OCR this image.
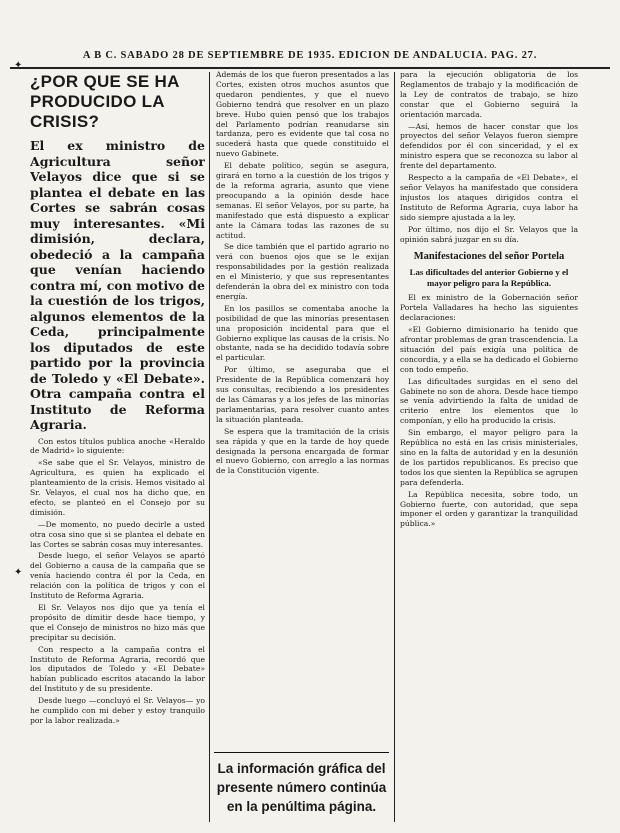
A B C. SABADO 28 DE SEPTIEMBRE DE 1935. EDICION DE ANDALUCIA. PAG. 27.
✦
✦
¿POR QUE SE HA PRODUCIDO LA CRISIS?

El ex ministro de Agricultura señor Velayos dice que si se plantea el debate en las Cortes se sabrán cosas muy interesantes. «Mi dimisión, declara, obedeció a la campaña que venían haciendo contra mí, con motivo de la cuestión de los trigos, algunos elementos de la Ceda, principalmente los diputados de este partido por la provincia de Toledo y «El Debate». Otra campaña contra el Instituto de Reforma Agraria.

Con estos títulos publica anoche «Heraldo de Madrid» lo siguiente:

«Se sabe que el Sr. Velayos, ministro de Agricultura, es quien ha explicado el planteamiento de la crisis. Hemos visitado al Sr. Velayos, el cual nos ha dicho que, en efecto, se planteó en el Consejo por su dimisión.

—De momento, no puedo decirle a usted otra cosa sino que si se plantea el debate en las Cortes se sabrán cosas muy interesantes.

Desde luego, el señor Velayos se apartó del Gobierno a causa de la campaña que se venía haciendo contra él por la Ceda, en relación con la política de trigos y con el Instituto de Reforma Agraria.

El Sr. Velayos nos dijo que ya tenía el propósito de dimitir desde hace tiempo, y que el Consejo de ministros no hizo más que precipitar su decisión.

Con respecto a la campaña contra el Instituto de Reforma Agraria, recordó que los diputados de Toledo y «El Debate» habían publicado escritos atacando la labor del Instituto y de su presidente.

Desde luego —concluyó el Sr. Velayos— yo he cumplido con mi deber y estoy tranquilo por la labor realizada.»

Además de los que fueron presentados a las Cortes, existen otros muchos asuntos que quedaron pendientes, y que el nuevo Gobierno tendrá que resolver en un plazo breve. Hubo quien pensó que los trabajos del Parlamento podrían reanudarse sin tardanza, pero es evidente que tal cosa no sucederá hasta que quede constituido el nuevo Gabinete.

El debate político, según se asegura, girará en torno a la cuestión de los trigos y de la reforma agraria, asunto que viene preocupando a la opinión desde hace semanas. El señor Velayos, por su parte, ha manifestado que está dispuesto a explicar ante la Cámara todas las razones de su actitud.

Se dice también que el partido agrario no verá con buenos ojos que se le exijan responsabilidades por la gestión realizada en el Ministerio, y que sus representantes defenderán la obra del ex ministro con toda energía.

En los pasillos se comentaba anoche la posibilidad de que las minorías presentasen una proposición incidental para que el Gobierno explique las causas de la crisis. No obstante, nada se ha decidido todavía sobre el particular.

Por último, se aseguraba que el Presidente de la República comenzará hoy sus consultas, recibiendo a los presidentes de las Cámaras y a los jefes de las minorías parlamentarias, para resolver cuanto antes la situación planteada.

Se espera que la tramitación de la crisis sea rápida y que en la tarde de hoy quede designada la persona encargada de formar el nuevo Gobierno, con arreglo a las normas de la Constitución vigente.

La información gráfica del presente número continúa en la penúltima página.

para la ejecución obligatoria de los Reglamentos de trabajo y la modificación de la Ley de contratos de trabajo, se hizo constar que el Gobierno seguirá la orientación marcada.

—Así, hemos de hacer constar que los proyectos del señor Velayos fueron siempre defendidos por él con sinceridad, y el ex ministro espera que se reconozca su labor al frente del departamento.

Respecto a la campaña de «El Debate», el señor Velayos ha manifestado que considera injustos los ataques dirigidos contra el Instituto de Reforma Agraria, cuya labor ha sido siempre ajustada a la ley.

Por último, nos dijo el Sr. Velayos que la opinión sabrá juzgar en su día.

Manifestaciones del señor Portela
Las dificultades del anterior Gobierno y el mayor peligro para la República.

El ex ministro de la Gobernación señor Portela Valladares ha hecho las siguientes declaraciones:

«El Gobierno dimisionario ha tenido que afrontar problemas de gran trascendencia. La situación del país exigía una política de concordia, y a ella se ha dedicado el Gobierno con todo empeño.

Las dificultades surgidas en el seno del Gabinete no son de ahora. Desde hace tiempo se venía advirtiendo la falta de unidad de criterio entre los elementos que lo componían, y ello ha producido la crisis.

Sin embargo, el mayor peligro para la República no está en las crisis ministeriales, sino en la falta de autoridad y en la desunión de los partidos republicanos. Es preciso que todos los que sienten la República se agrupen para defenderla.

La República necesita, sobre todo, un Gobierno fuerte, con autoridad, que sepa imponer el orden y garantizar la tranquilidad pública.»
